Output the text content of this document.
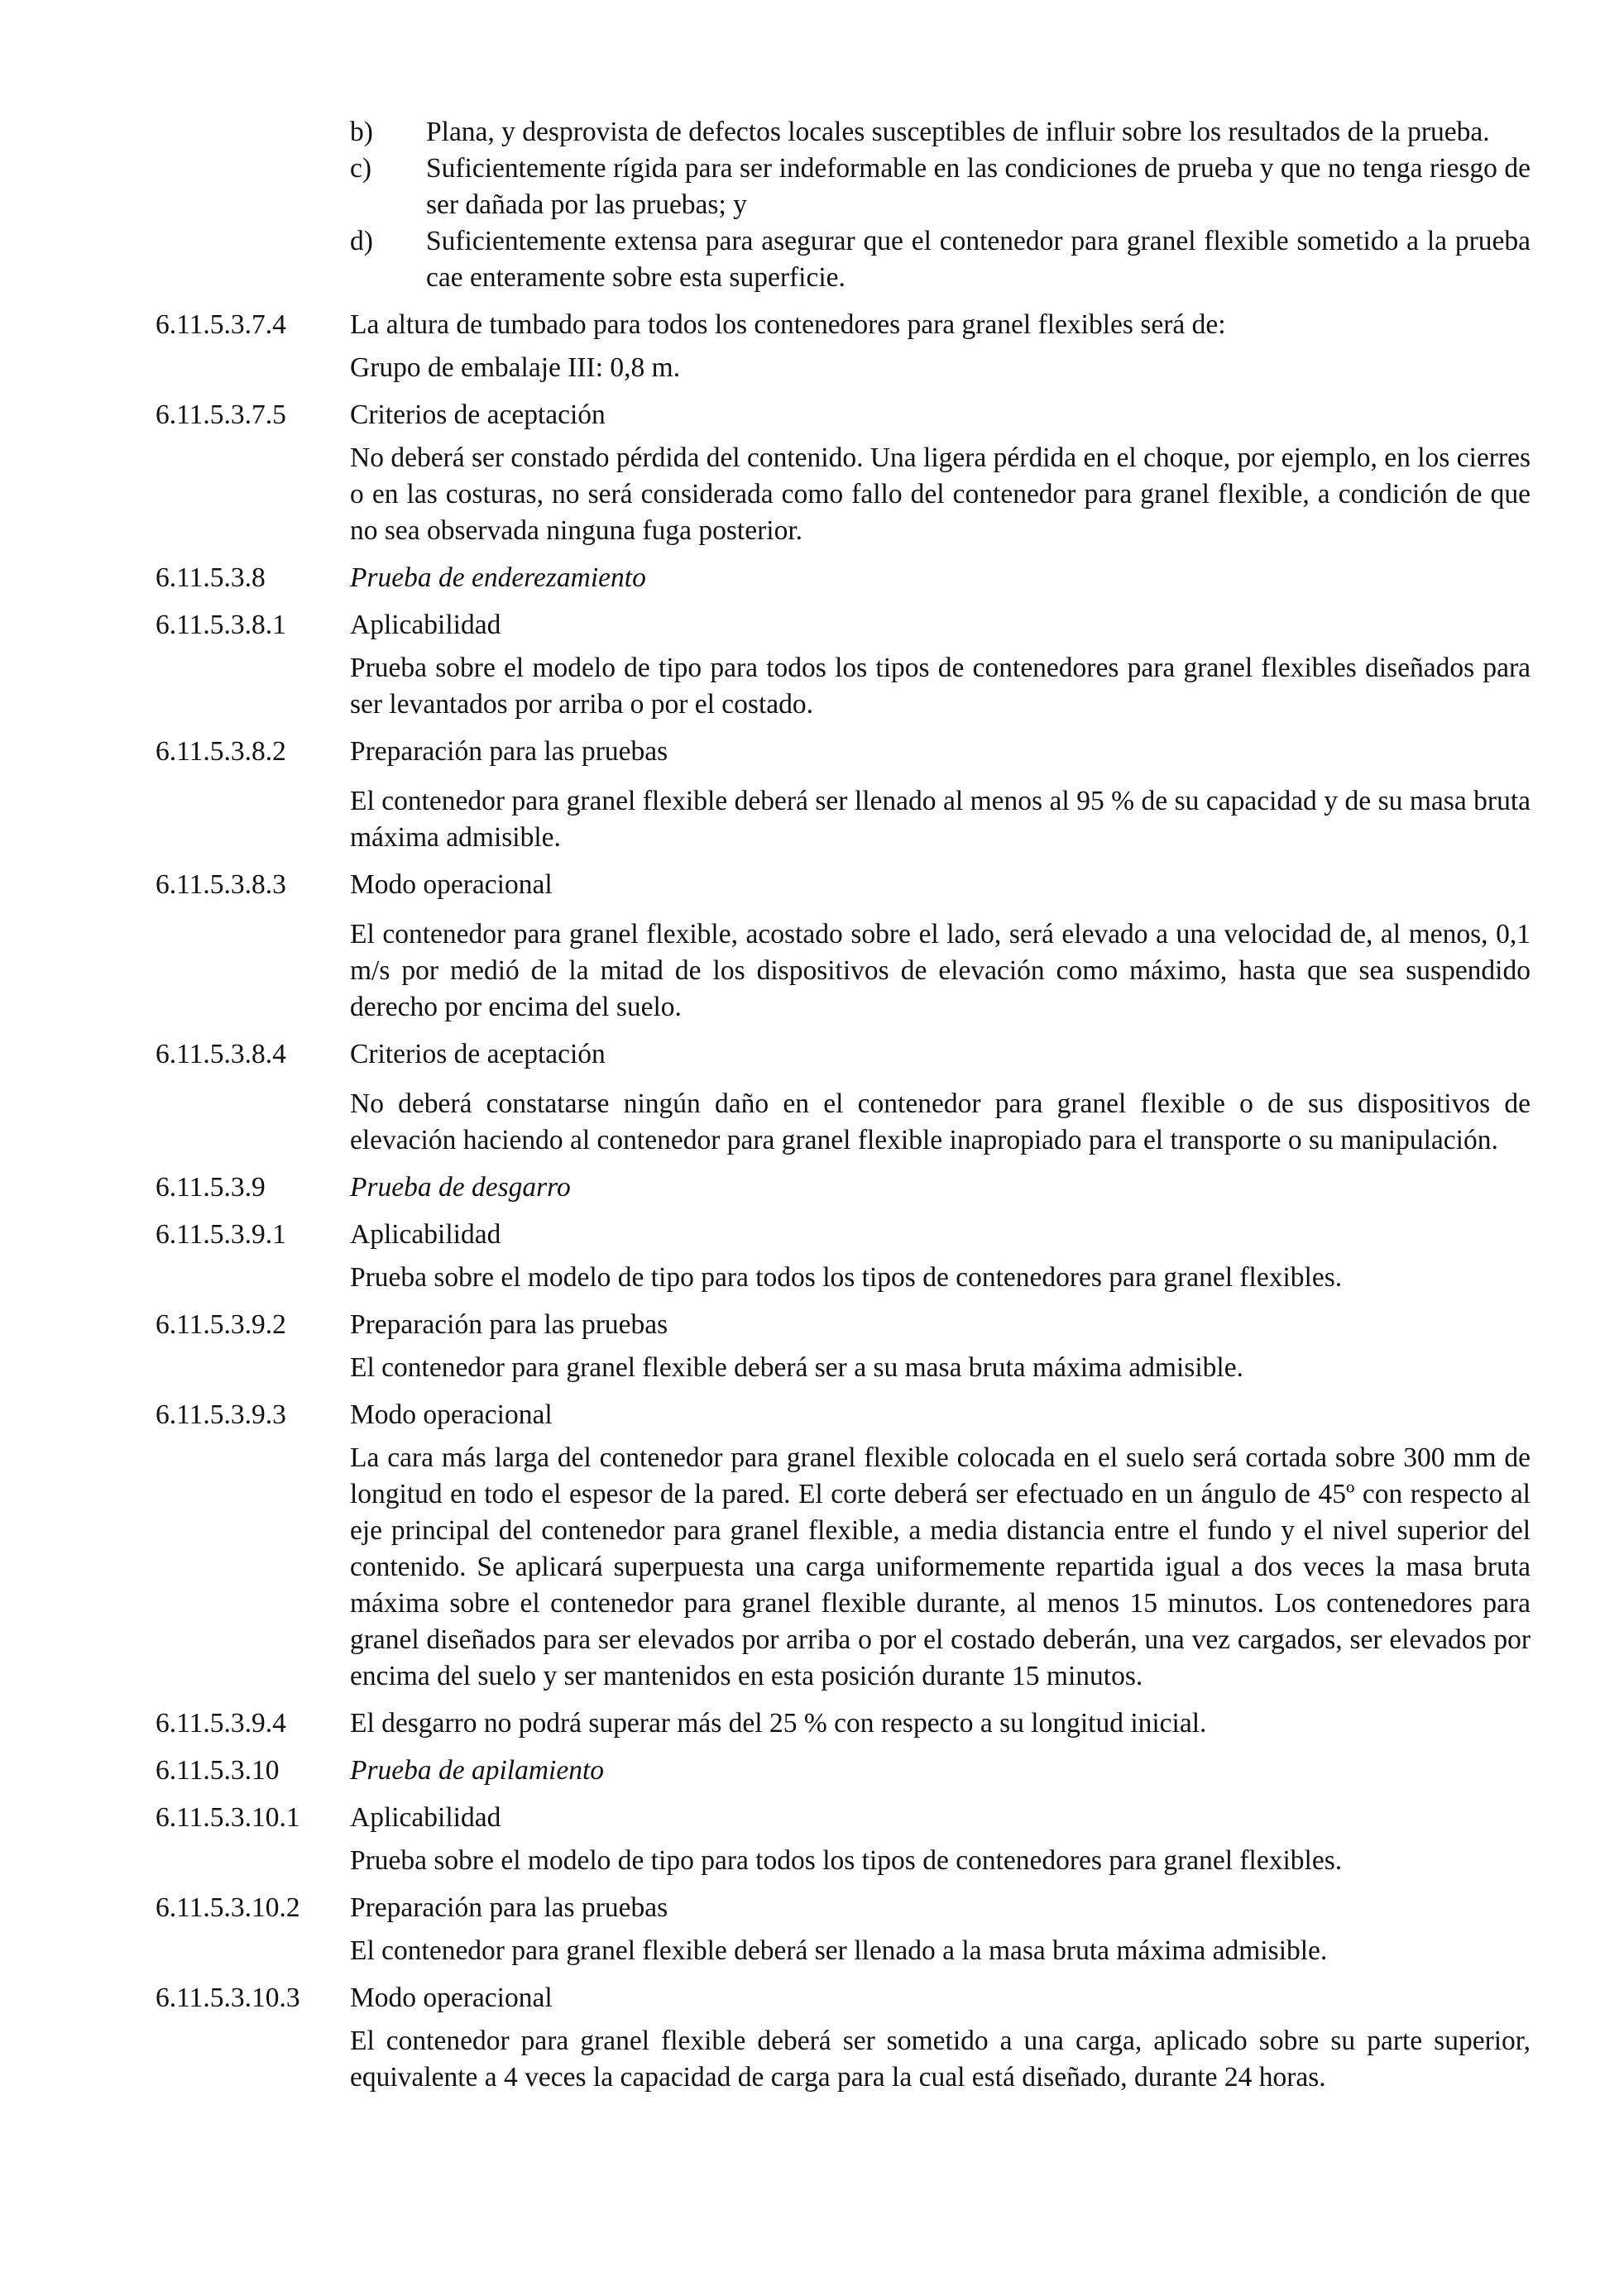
b)	Plana, y desprovista de defectos locales susceptibles de influir sobre los resultados de la prueba.
c)	Suficientemente rígida para ser indeformable en las condiciones de prueba y que no tenga riesgo de ser dañada por las pruebas; y
d)	Suficientemente extensa para asegurar que el contenedor para granel flexible sometido a la prueba cae enteramente sobre esta superficie.
6.11.5.3.7.4	La altura de tumbado para todos los contenedores para granel flexibles será de:
Grupo de embalaje III: 0,8 m.
6.11.5.3.7.5	Criterios de aceptación
No deberá ser constado pérdida del contenido. Una ligera pérdida en el choque, por ejemplo, en los cierres o en las costuras, no será considerada como fallo del contenedor para granel flexible, a condición de que no sea observada ninguna fuga posterior.
6.11.5.3.8	Prueba de enderezamiento
6.11.5.3.8.1	Aplicabilidad
Prueba sobre el modelo de tipo para todos los tipos de contenedores para granel flexibles diseñados para ser levantados por arriba o por el costado.
6.11.5.3.8.2	Preparación para las pruebas
El contenedor para granel flexible deberá ser llenado al menos al 95 % de su capacidad y de su masa bruta máxima admisible.
6.11.5.3.8.3	Modo operacional
El contenedor para granel flexible, acostado sobre el lado, será elevado a una velocidad de, al menos, 0,1 m/s por medió de la mitad de los dispositivos de elevación como máximo, hasta que sea suspendido derecho por encima del suelo.
6.11.5.3.8.4	Criterios de aceptación
No deberá constatarse ningún daño en el contenedor para granel flexible o de sus dispositivos de elevación haciendo al contenedor para granel flexible inapropiado para el transporte o su manipulación.
6.11.5.3.9	Prueba de desgarro
6.11.5.3.9.1	Aplicabilidad
Prueba sobre el modelo de tipo para todos los tipos de contenedores para granel flexibles.
6.11.5.3.9.2	Preparación para las pruebas
El contenedor para granel flexible deberá ser a su masa bruta máxima admisible.
6.11.5.3.9.3	Modo operacional
La cara más larga del contenedor para granel flexible colocada en el suelo será cortada sobre 300 mm de longitud en todo el espesor de la pared. El corte deberá ser efectuado en un ángulo de 45º con respecto al eje principal del contenedor para granel flexible, a media distancia entre el fundo y el nivel superior del contenido. Se aplicará superpuesta una carga uniformemente repartida igual a dos veces la masa bruta máxima sobre el contenedor para granel flexible durante, al menos 15 minutos. Los contenedores para granel diseñados para ser elevados por arriba o por el costado deberán, una vez cargados, ser elevados por encima del suelo y ser mantenidos en esta posición durante 15 minutos.
6.11.5.3.9.4	El desgarro no podrá superar más del 25 % con respecto a su longitud inicial.
6.11.5.3.10	Prueba de apilamiento
6.11.5.3.10.1	Aplicabilidad
Prueba sobre el modelo de tipo para todos los tipos de contenedores para granel flexibles.
6.11.5.3.10.2	Preparación para las pruebas
El contenedor para granel flexible deberá ser llenado a la masa bruta máxima admisible.
6.11.5.3.10.3	Modo operacional
El contenedor para granel flexible deberá ser sometido a una carga, aplicado sobre su parte superior, equivalente a 4 veces la capacidad de carga para la cual está diseñado, durante 24 horas.
